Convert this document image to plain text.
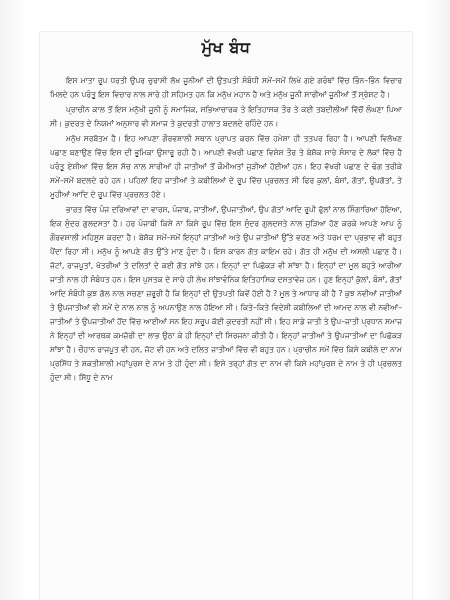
ਮੁੱਖ ਬੰਧ

ਇਸ ਮਾਤਾ ਰੂਪ ਧਰਤੀ ਉਪਰ ਚੁਰਾਸੀ ਲੱਖ ਜੂਨੀਆਂ ਦੀ ਉਤਪਤੀ ਸੰਬੰਧੀ ਸਮੇਂ–ਸਮੇਂ ਲਿਖੇ ਗਏ ਗਰੰਥਾਂ ਵਿੱਚ ਭਿੰਨ–ਭਿੰਨ ਵਿਚਾਰ ਮਿਲਦੇ ਹਨ ਪਰੰਤੂ ਇਸ ਵਿਚਾਰ ਨਾਲ ਸਾਰੇ ਹੀ ਸਹਿਮਤ ਹਨ ਕਿ ਮਨੁੱਖ ਮਹਾਨ ਹੈ ਅਤੇ ਮਨੁੱਖ ਜੂਨੀ ਸਾਰੀਆਂ ਜੂਨੀਆਂ ਤੋਂ ਸ੍ਰੇਸ਼ਟ ਹੈ।

ਪ੍ਰਾਚੀਨ ਕਾਲ ਤੋਂ ਇਸ ਮਨੁੱਖੀ ਜੂਨੀ ਨੂੰ ਸਮਾਜਿਕ, ਸਭਿਆਚਾਰਕ ਤੇ ਇਤਿਹਾਸਕ ਤੌਰ ਤੇ ਕਈ ਤਬਦੀਲੀਆਂ ਵਿੱਚੋਂ ਲੰਘਣਾ ਪਿਆ ਸੀ। ਕੁਦਰਤ ਦੇ ਨਿਯਮਾਂ ਅਨੁਸਾਰ ਵੀ ਸਮਾਜ ਤੇ ਕੁਦਰਤੀ ਹਾਲਾਤ ਬਦਲਦੇ ਰਹਿੰਦੇ ਹਨ।

ਮਨੁੱਖ ਸਰਬੋਤਮ ਹੈ। ਇਹ ਆਪਣਾ ਗੌਰਵਸ਼ਾਲੀ ਸਥਾਨ ਪ੍ਰਾਪਤ ਕਰਨ ਵਿੱਚ ਹਮੇਸ਼ਾ ਹੀ ਤਤਪਰ ਰਿਹਾ ਹੈ। ਆਪਣੀ ਵਿਲੱਖਣ ਪਛਾਣ ਬਣਾਉਣ ਵਿੱਚ ਇਸ ਦੀ ਭੂਮਿਕਾ ਉਸਾਰੂ ਰਹੀ ਹੈ। ਆਪਣੀ ਵੱਖਰੀ ਪਛਾਣ ਵਿਸ਼ੇਸ਼ ਤੌਰ ਤੇ ਬੇਸ਼ੱਕ ਸਾਰੇ ਸੰਸਾਰ ਦੇ ਲੋਕਾਂ ਵਿੱਚ ਹੈ ਪਰੰਤੂ ਏਸ਼ੀਆ ਵਿੱਚ ਇਸ ਸੋਚ ਨਾਲ ਸਾਰੀਆਂ ਹੀ ਜਾਤੀਆਂ ਤੋਂ ਕੌਮੀਅਤਾਂ ਜੁੜੀਆਂ ਹੋਈਆਂ ਹਨ। ਇਹ ਵੱਖਰੀ ਪਛਾਣ ਦੇ ਢੰਗ ਤਰੀਕੇ ਸਮੇਂ–ਸਮੇਂ ਬਦਲਦੇ ਰਹੇ ਹਨ। ਪਹਿਲਾਂ ਇਹ ਜਾਤੀਆਂ ਤੇ ਕਬੀਲਿਆਂ ਦੇ ਰੂਪ ਵਿੱਚ ਪ੍ਰਚਲਤ ਸੀ ਫਿਰ ਕੁਲਾਂ, ਬੰਸਾਂ, ਗੋਤਾਂ, ਉਪਗੋਤਾਂ, ਤੇ ਮੂਹੀਆਂ ਆਦਿ ਦੇ ਰੂਪ ਵਿੱਚ ਪ੍ਰਚਲਤ ਹੋਏ।

ਭਾਰਤ ਵਿੱਚ ਪੰਜ ਦਰਿਆਵਾਂ ਦਾ ਵਾਰਸ, ਪੰਜਾਬ, ਜਾਤੀਆਂ, ਉਪਜਾਤੀਆਂ, ਉਪ ਗੋਤਾਂ ਆਦਿ ਰੂਪੀ ਫੁੱਲਾਂ ਨਾਲ ਸਿੰਗਾਰਿਆ ਹੋਇਆ, ਇਕ ਸੁੰਦਰ ਗੁਲਦਸਤਾ ਹੈ। ਹਰ ਪੰਜਾਬੀ ਕਿਸੇ ਨਾ ਕਿਸੇ ਰੂਪ ਵਿੱਚ ਇਸ ਸੁੰਦਰ ਗੁਲਦਸਤੇ ਨਾਲ ਜੁੜਿਆ ਹੋਣ ਕਰਕੇ ਆਪਣੇ ਆਪ ਨੂੰ ਗੌਰਵਸ਼ਾਲੀ ਮਹਿਸੂਸ ਕਰਦਾ ਹੈ। ਬੇਸ਼ੱਕ ਸਮੇਂ–ਸਮੇਂ ਇਨ੍ਹਾਂ ਜਾਤੀਆਂ ਅਤੇ ਉਪ ਜਾਤੀਆਂ ਉੱਤੇ ਵਰਣ ਅਤੇ ਧਰਮ ਦਾ ਪ੍ਰਭਾਵ ਵੀ ਬਹੁਤ ਪੈਂਦਾ ਰਿਹਾ ਸੀ। ਮਨੁੱਖ ਨੂੰ ਆਪਣੇ ਗੋਤ ਉੱਤੇ ਮਾਣ ਹੁੰਦਾ ਹੈ। ਇਸ ਕਾਰਨ ਗੋਤ ਕਾਇਮ ਰਹੇ। ਗੋਤ ਹੀ ਮਨੁੱਖ ਦੀ ਅਸਲੀ ਪਛਾਣ ਹੈ। ਜੱਟਾਂ, ਰਾਜਪੂਤਾਂ, ਖੱਤਰੀਆਂ ਤੇ ਦਲਿਤਾਂ ਦੇ ਕਈ ਗੋਤ ਸਾਂਝੇ ਹਨ। ਇਨ੍ਹਾਂ ਦਾ ਪਿਛੋਕੜ ਵੀ ਸਾਂਝਾ ਹੈ। ਇਨ੍ਹਾਂ ਦਾ ਮੂਲ ਬਹੁਤੇ ਆਰੀਆ ਜਾਤੀ ਨਾਲ ਹੀ ਸੰਬੰਧਤ ਹਨ। ਇਸ ਪੁਸਤਕ ਦੇ ਸਾਰੇ ਹੀ ਲੇਖ ਸਾਂਝਾਵੰਨਿਕ ਇਤਿਹਾਸਿਕ ਦਸਤਾਵੇਜ਼ ਹਨ। ਹੁਣ ਇਨ੍ਹਾਂ ਕੁੱਲਾਂ, ਬੰਸਾਂ, ਗੋਤਾਂ ਆਦਿ ਸੰਬੰਧੀ ਕੁਝ ਗੱਲ ਨਾਲ ਸਚਣਾ ਜ਼ਰੂਰੀ ਹੈ ਕਿ ਇਨ੍ਹਾਂ ਦੀ ਉਤਪਤੀ ਕਿਵੇਂ ਹੋਈ ਹੈ ? ਮੂਲ ਤੇ ਆਧਾਰ ਕੀ ਹੈ ? ਕੁਝ ਨਵੀਆਂ ਜਾਤੀਆਂ ਤੇ ਉਪਜਾਤੀਆਂ ਵੀ ਸਮੇਂ ਦੇ ਨਾਲ ਨਾਲ ਨੂੰ ਅਪਨਾਉਣ ਨਾਲ ਹੋਇਆ ਸੀ। ਕਿਤੇ–ਕਿਤੇ ਵਿਦੇਸ਼ੀ ਕਬੀਲਿਆਂ ਦੀ ਆਮਦ ਨਾਲ ਵੀ ਨਵੀਆਂ–ਜਾਤੀਆਂ ਤੇ ਉਪਜਾਤੀਆਂ ਹੋਂਦ ਵਿੱਚ ਆਈਆਂ ਸਨ ਇਹ ਸਰੂਪ ਕੋਈ ਕੁਦਰਤੀ ਨਹੀਂ ਸੀ। ਇਹ ਸਾਡੇ ਜਾਤੀ ਤੇ ਉਪ–ਜਾਤੀ ਪ੍ਰਧਾਨ ਸਮਾਜ ਨੇ ਇਨ੍ਹਾਂ ਦੀ ਆਰਥਕ ਕਮਜ਼ੋਰੀ ਦਾ ਲਾਭ ਉਠਾ ਕੇ ਹੀ ਇਨ੍ਹਾਂ ਦੀ ਸਿਰਜਨਾ ਕੀਤੀ ਹੈ। ਇਨ੍ਹਾਂ ਜਾਤੀਆਂ ਤੇ ਉਪਜਾਤੀਆਂ ਦਾ ਪਿਛੋਕੜ ਸਾਂਝਾ ਹੈ। ਚੌਹਾਨ ਰਾਜਪੂਤ ਵੀ ਹਨ, ਜੱਟ ਵੀ ਹਨ ਅਤੇ ਦਲਿਤ ਜਾਤੀਆਂ ਵਿੱਚ ਵੀ ਬਹੁਤ ਹਨ। ਪ੍ਰਾਚੀਨ ਸਮੇਂ ਵਿੱਚ ਕਿਸੇ ਕਬੀਲੇ ਦਾ ਨਾਮ ਪ੍ਰਸਿੱਧ ਤੇ ਸ਼ਕਤੀਸ਼ਾਲੀ ਮਹਾਂਪੁਰਸ਼ ਦੇ ਨਾਮ ਤੇ ਹੀ ਹੁੰਦਾ ਸੀ। ਇਸੇ ਤਰ੍ਹਾਂ ਗੋਤ ਦਾ ਨਾਮ ਵੀ ਕਿਸੇ ਮਹਾਂਪੁਰਸ਼ ਦੇ ਨਾਮ ਤੇ ਹੀ ਪ੍ਰਚਲਤ ਹੁੰਦਾ ਸੀ। ਸਿੱਧੂ ਦੇ ਨਾਮ
